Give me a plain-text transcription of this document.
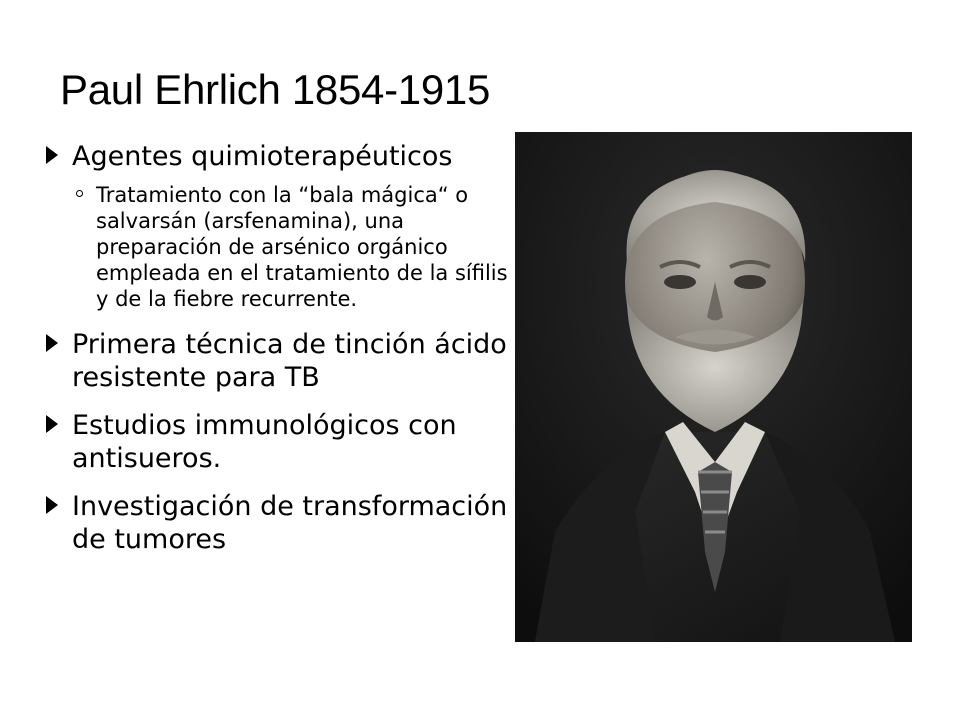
Paul Ehrlich 1854-1915
Agentes quimioterapéuticos
Tratamiento con la “bala mágica“ o salvarsán (arsfenamina), una preparación de arsénico orgánico empleada en el tratamiento de la sífilis y de la fiebre recurrente.
Primera técnica de tinción ácido resistente para TB
Estudios immunológicos con antisueros.
Investigación de transformación de tumores
